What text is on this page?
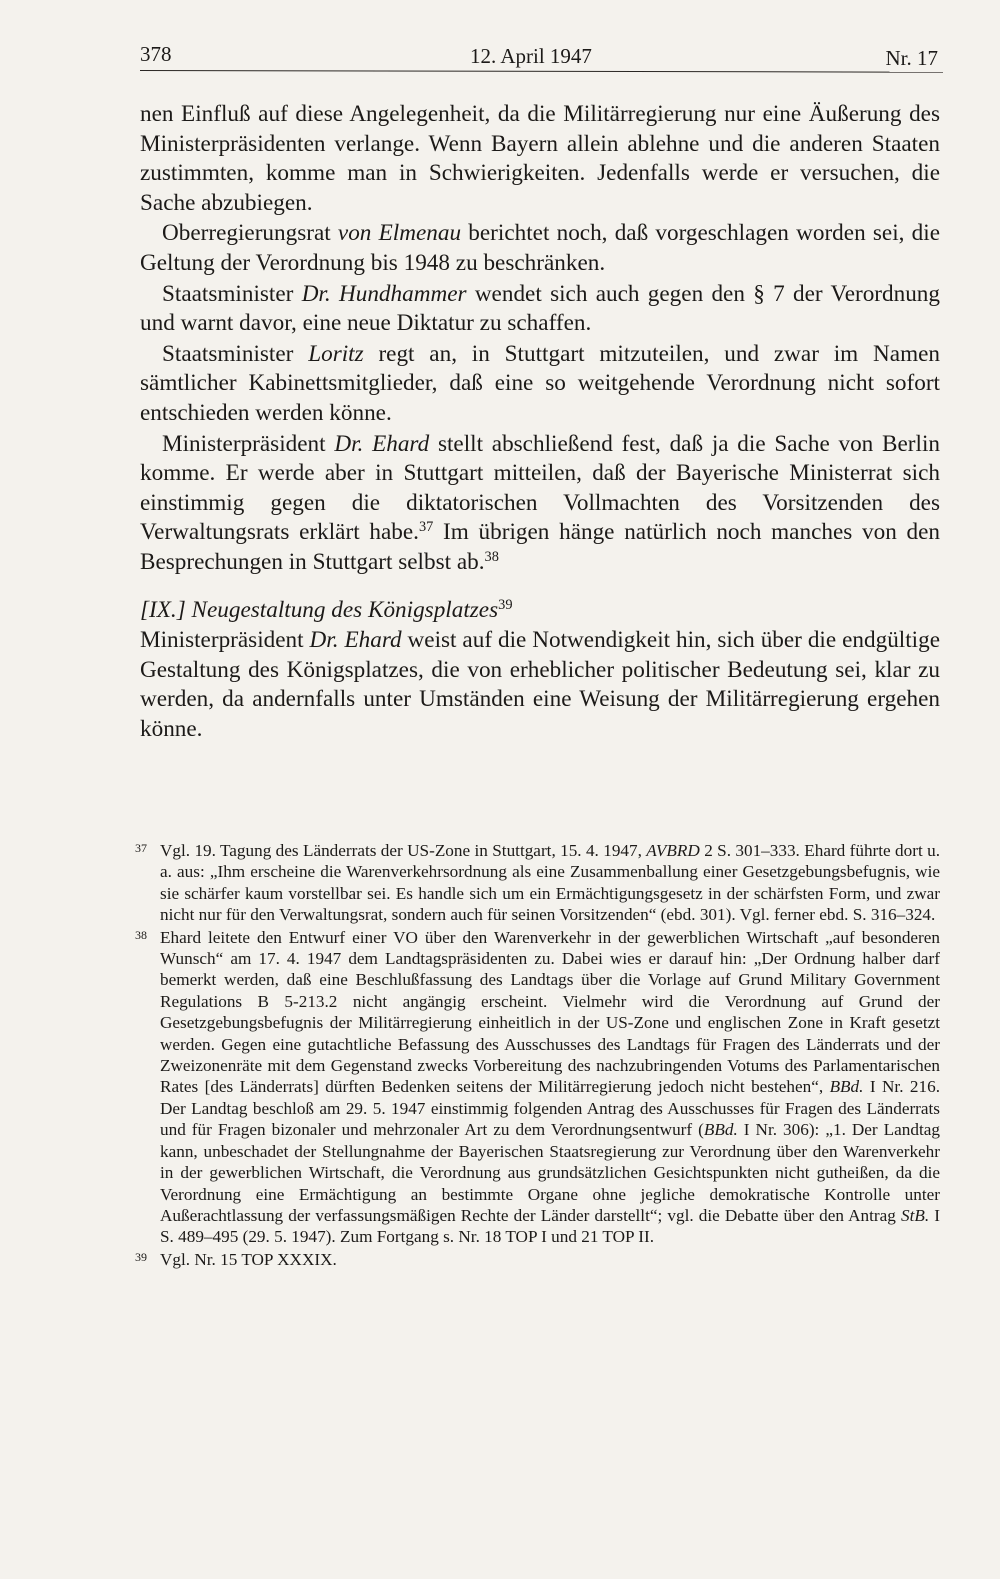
378	12. April 1947	Nr. 17

nen Einfluß auf diese Angelegenheit, da die Militärregierung nur eine Äußerung des Ministerpräsidenten verlange. Wenn Bayern allein ablehne und die anderen Staaten zustimmten, komme man in Schwierigkeiten. Jedenfalls werde er versuchen, die Sache abzubiegen.

Oberregierungsrat von Elmenau berichtet noch, daß vorgeschlagen worden sei, die Geltung der Verordnung bis 1948 zu beschränken.

Staatsminister Dr. Hundhammer wendet sich auch gegen den § 7 der Verordnung und warnt davor, eine neue Diktatur zu schaffen.

Staatsminister Loritz regt an, in Stuttgart mitzuteilen, und zwar im Namen sämtlicher Kabinettsmitglieder, daß eine so weitgehende Verordnung nicht sofort entschieden werden könne.

Ministerpräsident Dr. Ehard stellt abschließend fest, daß ja die Sache von Berlin komme. Er werde aber in Stuttgart mitteilen, daß der Bayerische Ministerrat sich einstimmig gegen die diktatorischen Vollmachten des Vorsitzenden des Verwaltungsrats erklärt habe.$^{37}$ Im übrigen hänge natürlich noch manches von den Besprechungen in Stuttgart selbst ab.$^{38}$

[IX.] Neugestaltung des Königsplatzes$^{39}$

Ministerpräsident Dr. Ehard weist auf die Notwendigkeit hin, sich über die endgültige Gestaltung des Königsplatzes, die von erheblicher politischer Bedeutung sei, klar zu werden, da andernfalls unter Umständen eine Weisung der Militärregierung ergehen könne.

37 Vgl. 19. Tagung des Länderrats der US-Zone in Stuttgart, 15. 4. 1947, AVBRD 2 S. 301–333. Ehard führte dort u. a. aus: „Ihm erscheine die Warenverkehrsordnung als eine Zusammenballung einer Gesetzgebungsbefugnis, wie sie schärfer kaum vorstellbar sei. Es handle sich um ein Ermächtigungsgesetz in der schärfsten Form, und zwar nicht nur für den Verwaltungsrat, sondern auch für seinen Vorsitzenden“ (ebd. 301). Vgl. ferner ebd. S. 316–324.

38 Ehard leitete den Entwurf einer VO über den Warenverkehr in der gewerblichen Wirtschaft „auf besonderen Wunsch“ am 17. 4. 1947 dem Landtagspräsidenten zu. Dabei wies er darauf hin: „Der Ordnung halber darf bemerkt werden, daß eine Beschlußfassung des Landtags über die Vorlage auf Grund Military Government Regulations B 5-213.2 nicht angängig erscheint. Vielmehr wird die Verordnung auf Grund der Gesetzgebungsbefugnis der Militärregierung einheitlich in der US-Zone und englischen Zone in Kraft gesetzt werden. Gegen eine gutachtliche Befassung des Ausschusses des Landtags für Fragen des Länderrats und der Zweizonenräte mit dem Gegenstand zwecks Vorbereitung des nachzubringenden Votums des Parlamentarischen Rates [des Länderrats] dürften Bedenken seitens der Militärregierung jedoch nicht bestehen“, BBd. I Nr. 216. Der Landtag beschloß am 29. 5. 1947 einstimmig folgenden Antrag des Ausschusses für Fragen des Länderrats und für Fragen bizonaler und mehrzonaler Art zu dem Verordnungsentwurf (BBd. I Nr. 306): „1. Der Landtag kann, unbeschadet der Stellungnahme der Bayerischen Staatsregierung zur Verordnung über den Warenverkehr in der gewerblichen Wirtschaft, die Verordnung aus grundsätzlichen Gesichtspunkten nicht gutheißen, da die Verordnung eine Ermächtigung an bestimmte Organe ohne jegliche demokratische Kontrolle unter Außerachtlassung der verfassungsmäßigen Rechte der Länder darstellt“; vgl. die Debatte über den Antrag StB. I S. 489–495 (29. 5. 1947). Zum Fortgang s. Nr. 18 TOP I und 21 TOP II.

39 Vgl. Nr. 15 TOP XXXIX.
